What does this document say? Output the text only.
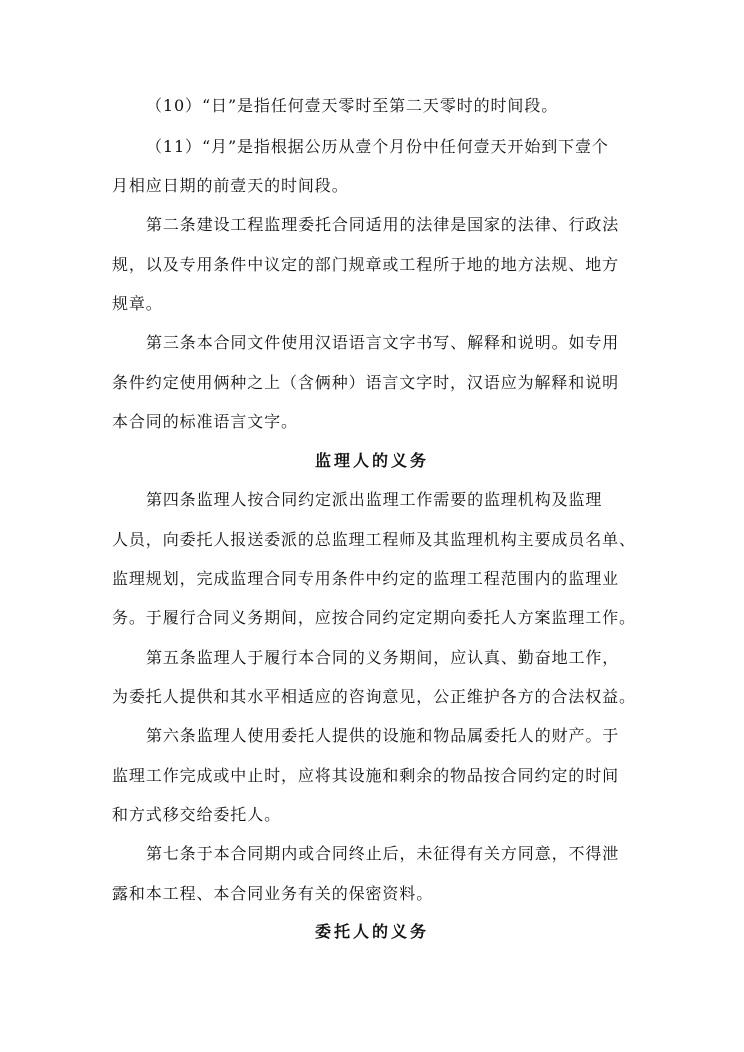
（10）“日”是指任何壹天零时至第二天零时的时间段。
（11）“月”是指根据公历从壹个月份中任何壹天开始到下壹个
月相应日期的前壹天的时间段。
第二条建设工程监理委托合同适用的法律是国家的法律、行政法
规，以及专用条件中议定的部门规章或工程所于地的地方法规、地方
规章。
第三条本合同文件使用汉语语言文字书写、解释和说明。如专用
条件约定使用俩种之上（含俩种）语言文字时，汉语应为解释和说明
本合同的标准语言文字。
监理人的义务
第四条监理人按合同约定派出监理工作需要的监理机构及监理
人员，向委托人报送委派的总监理工程师及其监理机构主要成员名单、
监理规划，完成监理合同专用条件中约定的监理工程范围内的监理业
务。于履行合同义务期间，应按合同约定定期向委托人方案监理工作。
第五条监理人于履行本合同的义务期间，应认真、勤奋地工作，
为委托人提供和其水平相适应的咨询意见，公正维护各方的合法权益。
第六条监理人使用委托人提供的设施和物品属委托人的财产。于
监理工作完成或中止时，应将其设施和剩余的物品按合同约定的时间
和方式移交给委托人。
第七条于本合同期内或合同终止后，未征得有关方同意，不得泄
露和本工程、本合同业务有关的保密资料。
委托人的义务
